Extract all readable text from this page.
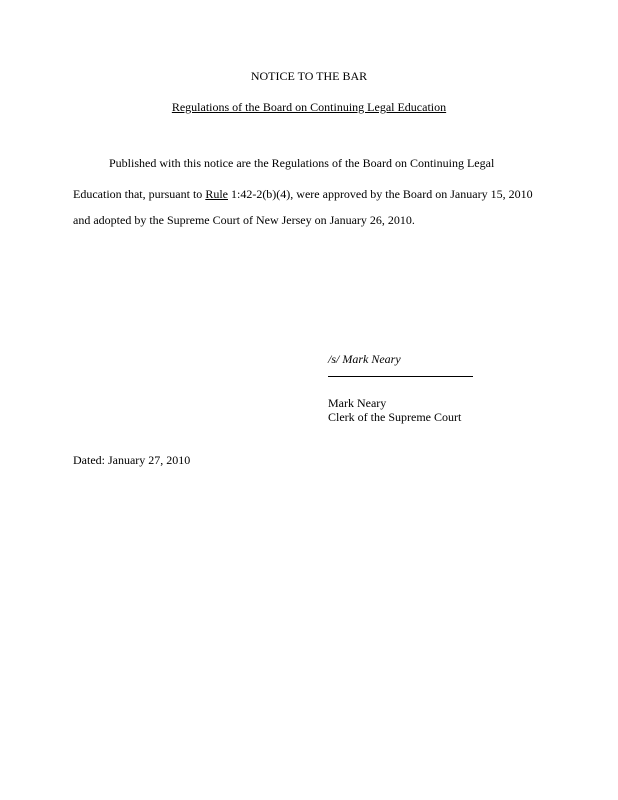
NOTICE TO THE BAR
Regulations of the Board on Continuing Legal Education
Published with this notice are the Regulations of the Board on Continuing Legal
Education that, pursuant to Rule 1:42-2(b)(4), were approved by the Board on January 15, 2010
and adopted by the Supreme Court of New Jersey on January 26, 2010.
/s/ Mark Neary
Mark Neary
Clerk of the Supreme Court
Dated: January 27, 2010
